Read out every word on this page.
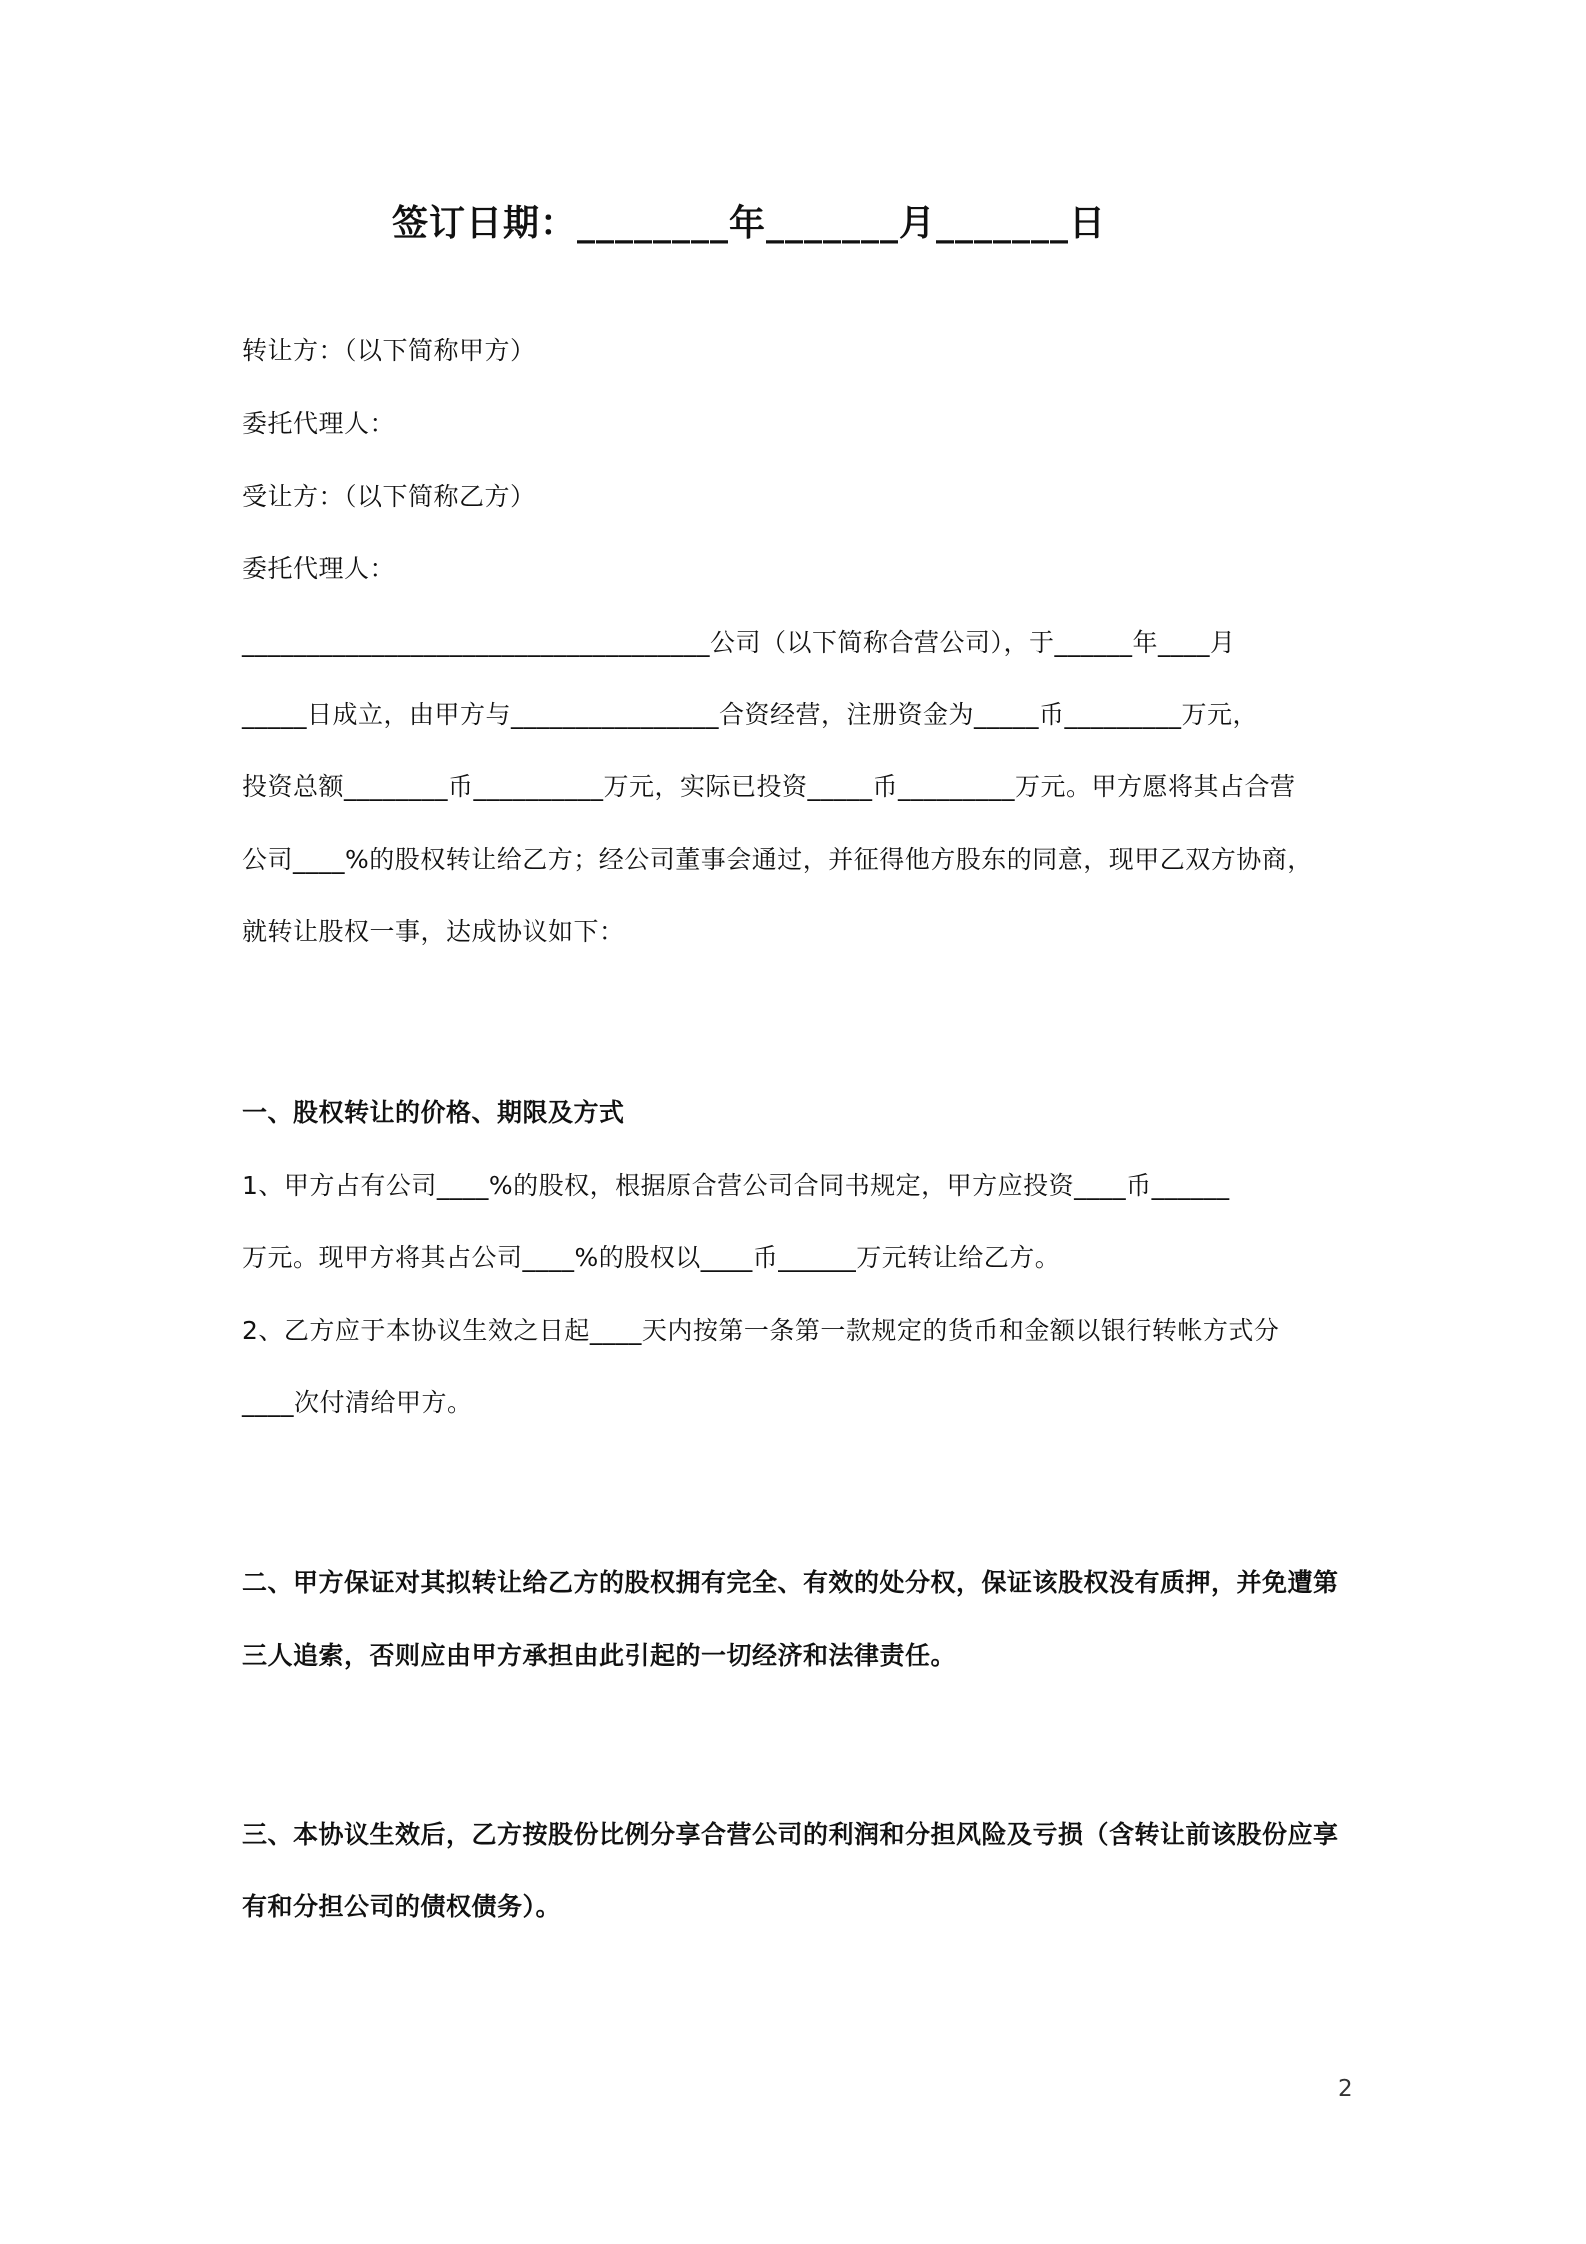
签订日期：________年_______月_______日
转让方：（以下简称甲方）
委托代理人：
受让方：（以下简称乙方）
委托代理人：
____________________________________公司（以下简称合营公司），于______年____月
_____日成立，由甲方与________________合资经营，注册资金为_____币_________万元，
投资总额________币__________万元，实际已投资_____币_________万元。甲方愿将其占合营
公司____%的股权转让给乙方；经公司董事会通过，并征得他方股东的同意，现甲乙双方协商，
就转让股权一事，达成协议如下：
一、股权转让的价格、期限及方式
1、甲方占有公司____%的股权，根据原合营公司合同书规定，甲方应投资____币______
万元。现甲方将其占公司____%的股权以____币______万元转让给乙方。
2、乙方应于本协议生效之日起____天内按第一条第一款规定的货币和金额以银行转帐方式分
____次付清给甲方。
二、甲方保证对其拟转让给乙方的股权拥有完全、有效的处分权，保证该股权没有质押，并免遭第
三人追索，否则应由甲方承担由此引起的一切经济和法律责任。
三、本协议生效后，乙方按股份比例分享合营公司的利润和分担风险及亏损（含转让前该股份应享
有和分担公司的债权债务）。
2
